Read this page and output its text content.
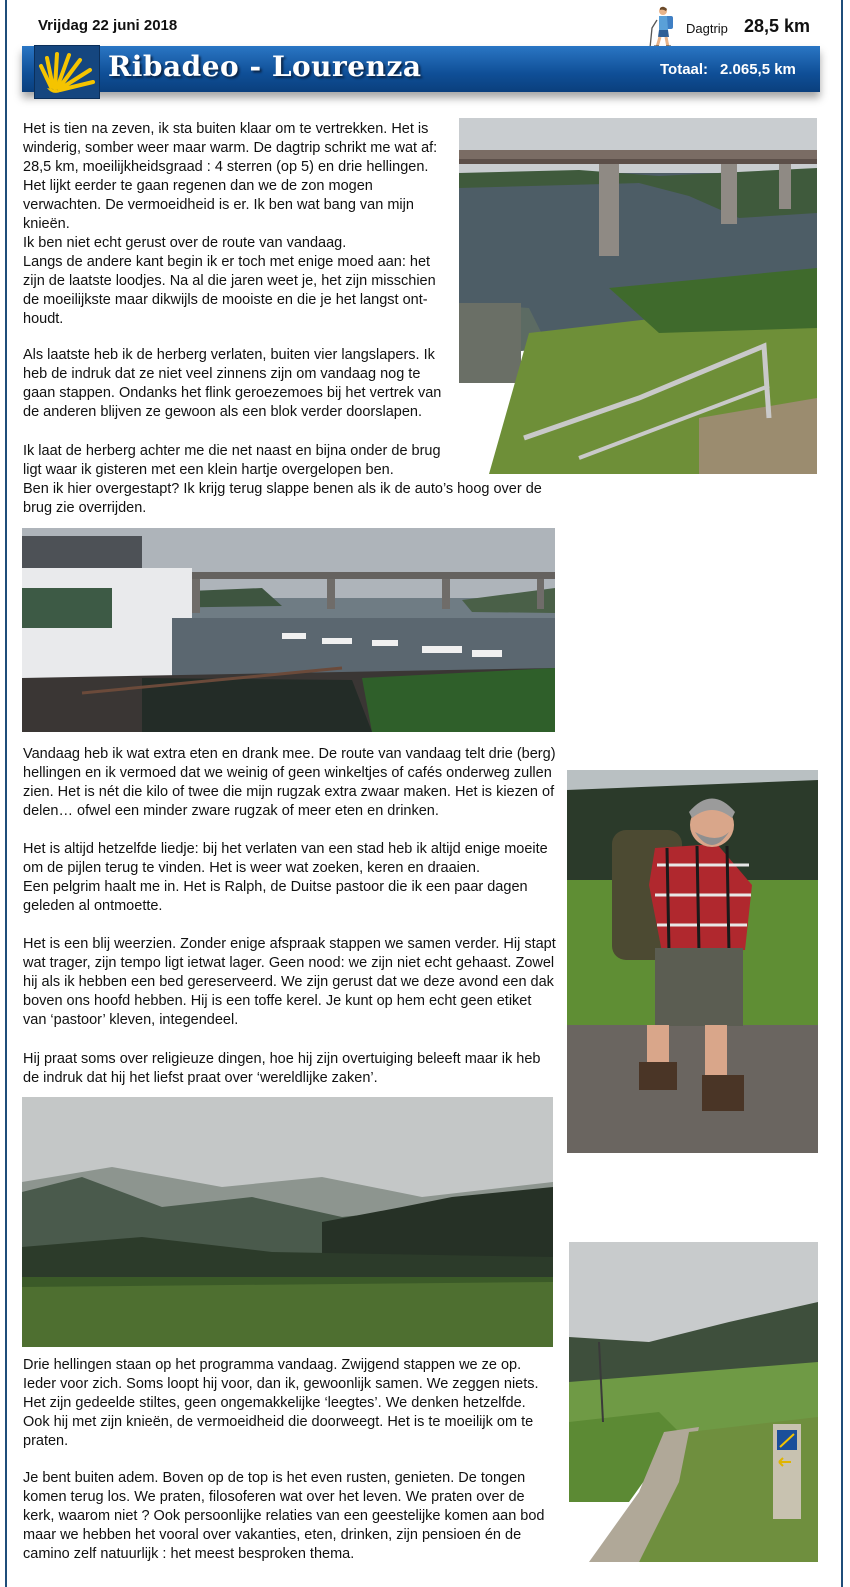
Vrijdag 22 juni 2018	Dagtrip 28,5 km
Ribadeo - Lourenza	Totaal: 2.065,5 km

Het is tien na zeven, ik sta buiten klaar om te vertrekken. Het is
winderig, somber weer maar warm. De dagtrip schrikt me wat af:
28,5 km, moeilijkheidsgraad : 4 sterren (op 5) en drie hellingen.
Het lijkt eerder te gaan regenen dan we de zon mogen
verwachten. De vermoeidheid is er. Ik ben wat bang van mijn
knieën.
Ik ben niet echt gerust over de route van vandaag.
Langs de andere kant begin ik er toch met enige moed aan: het
zijn de laatste loodjes. Na al die jaren weet je, het zijn misschien
de moeilijkste maar dikwijls de mooiste en die je het langst ont-
houdt.

Als laatste heb ik de herberg verlaten, buiten vier langslapers. Ik
heb de indruk dat ze niet veel zinnens zijn om vandaag nog te
gaan stappen. Ondanks het flink geroezemoes bij het vertrek van
de anderen blijven ze gewoon als een blok verder doorslapen.

Ik laat de herberg achter me die net naast en bijna onder de brug
ligt waar ik gisteren met een klein hartje overgelopen ben.
Ben ik hier overgestapt? Ik krijg terug slappe benen als ik de auto’s hoog over de
brug zie overrijden.

Vandaag heb ik wat extra eten en drank mee. De route van vandaag telt drie (berg)
hellingen en ik vermoed dat we weinig of geen winkeltjes of cafés onderweg zullen
zien. Het is nét die kilo of twee die mijn rugzak extra zwaar maken. Het is kiezen of
delen… ofwel een minder zware rugzak of meer eten en drinken.

Het is altijd hetzelfde liedje: bij het verlaten van een stad heb ik altijd enige moeite
om de pijlen terug te vinden. Het is weer wat zoeken, keren en draaien.
Een pelgrim haalt me in. Het is Ralph, de Duitse pastoor die ik een paar dagen
geleden al ontmoette.

Het is een blij weerzien. Zonder enige afspraak stappen we samen verder. Hij stapt
wat trager, zijn tempo ligt ietwat lager. Geen nood: we zijn niet echt gehaast. Zowel
hij als ik hebben een bed gereserveerd. We zijn gerust dat we deze avond een dak
boven ons hoofd hebben. Hij is een toffe kerel. Je kunt op hem echt geen etiket
van ‘pastoor’ kleven, integendeel.

Hij praat soms over religieuze dingen, hoe hij zijn overtuiging beleeft maar ik heb
de indruk dat hij het liefst praat over ‘wereldlijke zaken’.

Drie hellingen staan op het programma vandaag. Zwijgend stappen we ze op.
Ieder voor zich. Soms loopt hij voor, dan ik, gewoonlijk samen. We zeggen niets.
Het zijn gedeelde stiltes, geen ongemakkelijke ‘leegtes’. We denken hetzelfde.
Ook hij met zijn knieën, de vermoeidheid die doorweegt. Het is te moeilijk om te
praten.

Je bent buiten adem. Boven op de top is het even rusten, genieten. De tongen
komen terug los. We praten, filosoferen wat over het leven. We praten over de
kerk, waarom niet ? Ook persoonlijke relaties van een geestelijke komen aan bod
maar we hebben het vooral over vakanties, eten, drinken, zijn pensioen én de
camino zelf natuurlijk : het meest besproken thema.
